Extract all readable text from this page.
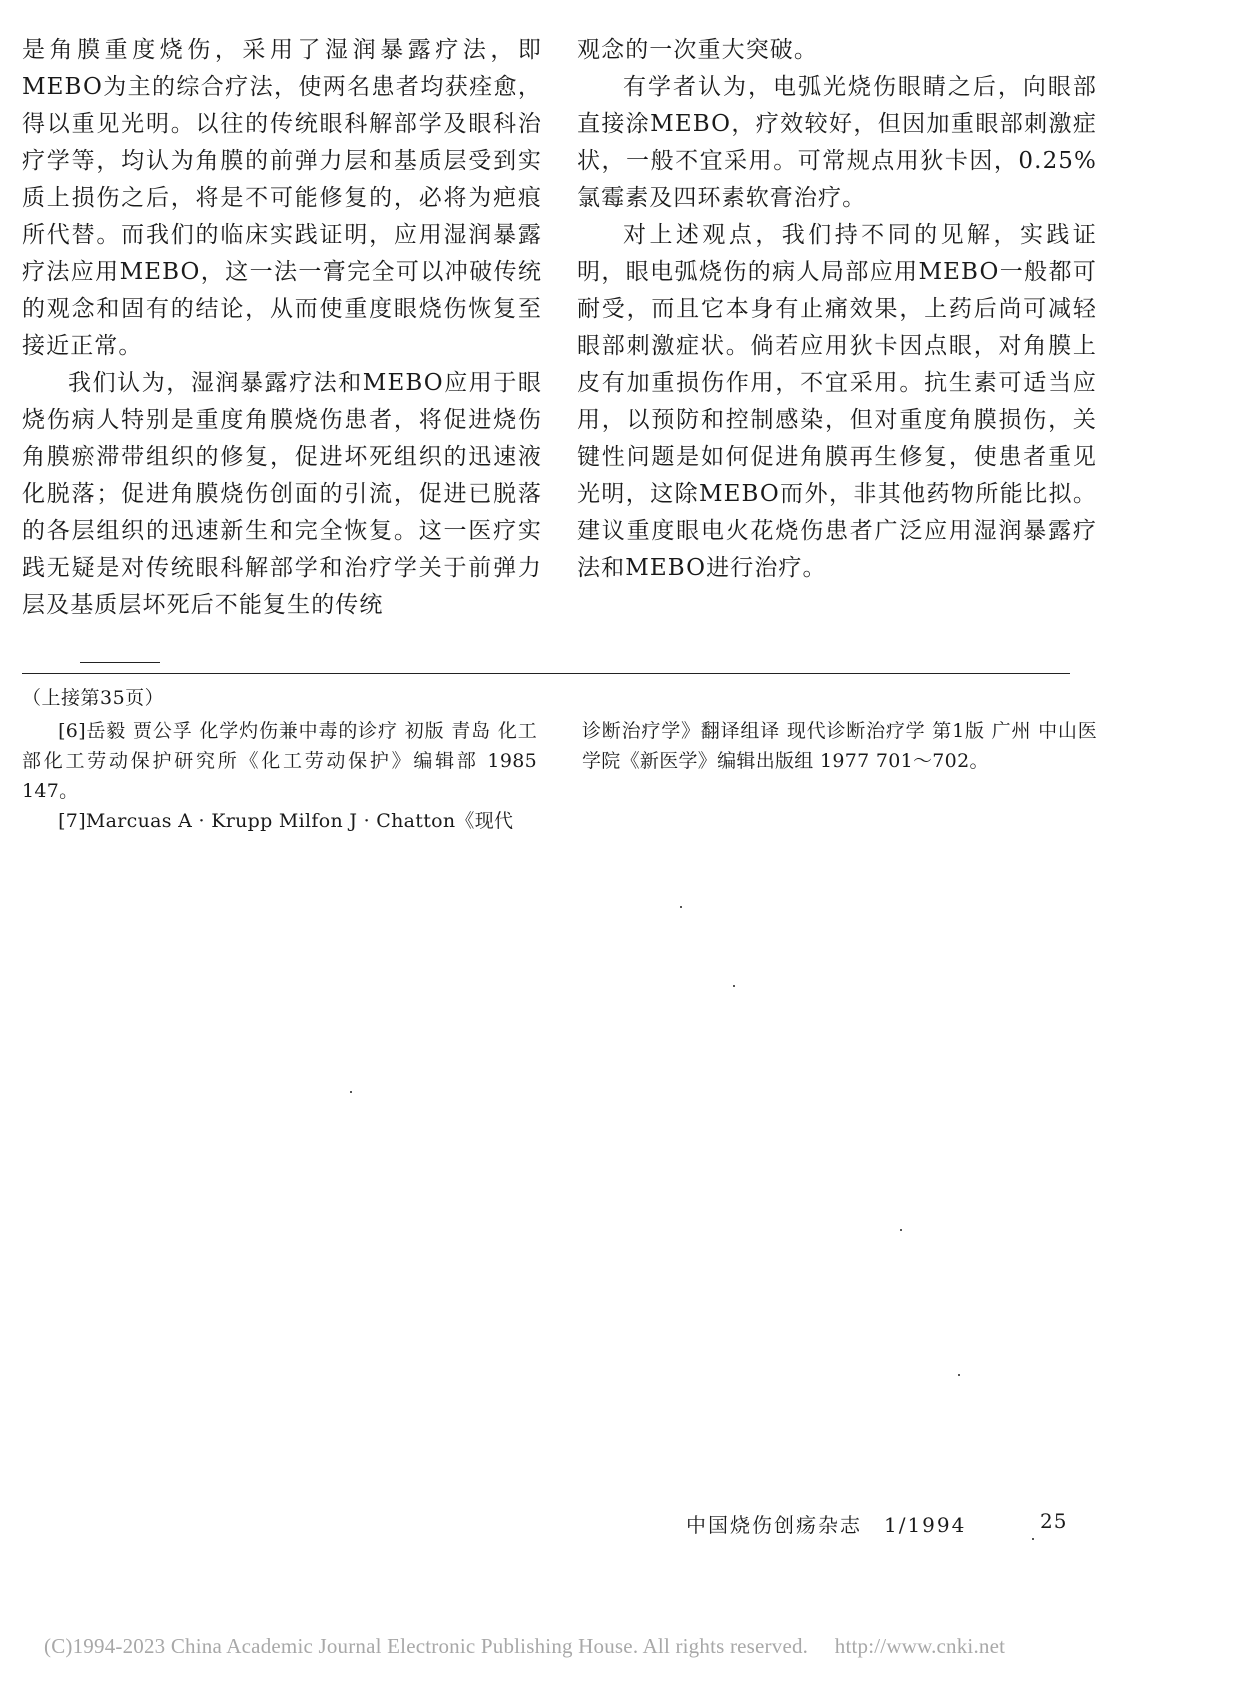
是角膜重度烧伤，采用了湿润暴露疗法，即MEBO为主的综合疗法，使两名患者均获痊愈，得以重见光明。以往的传统眼科解部学及眼科治疗学等，均认为角膜的前弹力层和基质层受到实质上损伤之后，将是不可能修复的，必将为疤痕所代替。而我们的临床实践证明，应用湿润暴露疗法应用MEBO，这一法一膏完全可以冲破传统的观念和固有的结论，从而使重度眼烧伤恢复至接近正常。

我们认为，湿润暴露疗法和MEBO应用于眼烧伤病人特别是重度角膜烧伤患者，将促进烧伤角膜瘀滞带组织的修复，促进坏死组织的迅速液化脱落；促进角膜烧伤创面的引流，促进已脱落的各层组织的迅速新生和完全恢复。这一医疗实践无疑是对传统眼科解部学和治疗学关于前弹力层及基质层坏死后不能复生的传统

观念的一次重大突破。

有学者认为，电弧光烧伤眼睛之后，向眼部直接涂MEBO，疗效较好，但因加重眼部刺激症状，一般不宜采用。可常规点用狄卡因，0.25%氯霉素及四环素软膏治疗。

对上述观点，我们持不同的见解，实践证明，眼电弧烧伤的病人局部应用MEBO一般都可耐受，而且它本身有止痛效果，上药后尚可减轻眼部刺激症状。倘若应用狄卡因点眼，对角膜上皮有加重损伤作用，不宜采用。抗生素可适当应用，以预防和控制感染，但对重度角膜损伤，关键性问题是如何促进角膜再生修复，使患者重见光明，这除MEBO而外，非其他药物所能比拟。建议重度眼电火花烧伤患者广泛应用湿润暴露疗法和MEBO进行治疗。

（上接第35页）

[6]岳毅 贾公孚 化学灼伤兼中毒的诊疗 初版 青岛 化工部化工劳动保护研究所《化工劳动保护》编辑部 1985 147。

[7]Marcuas A · Krupp Milfon J · Chatton《现代

诊断治疗学》翻译组译 现代诊断治疗学 第1版 广州 中山医学院《新医学》编辑出版组 1977 701～702。

中国烧伤创疡杂志　1/1994	25
(C)1994-2023 China Academic Journal Electronic Publishing House. All rights reserved.　 http://www.cnki.net
